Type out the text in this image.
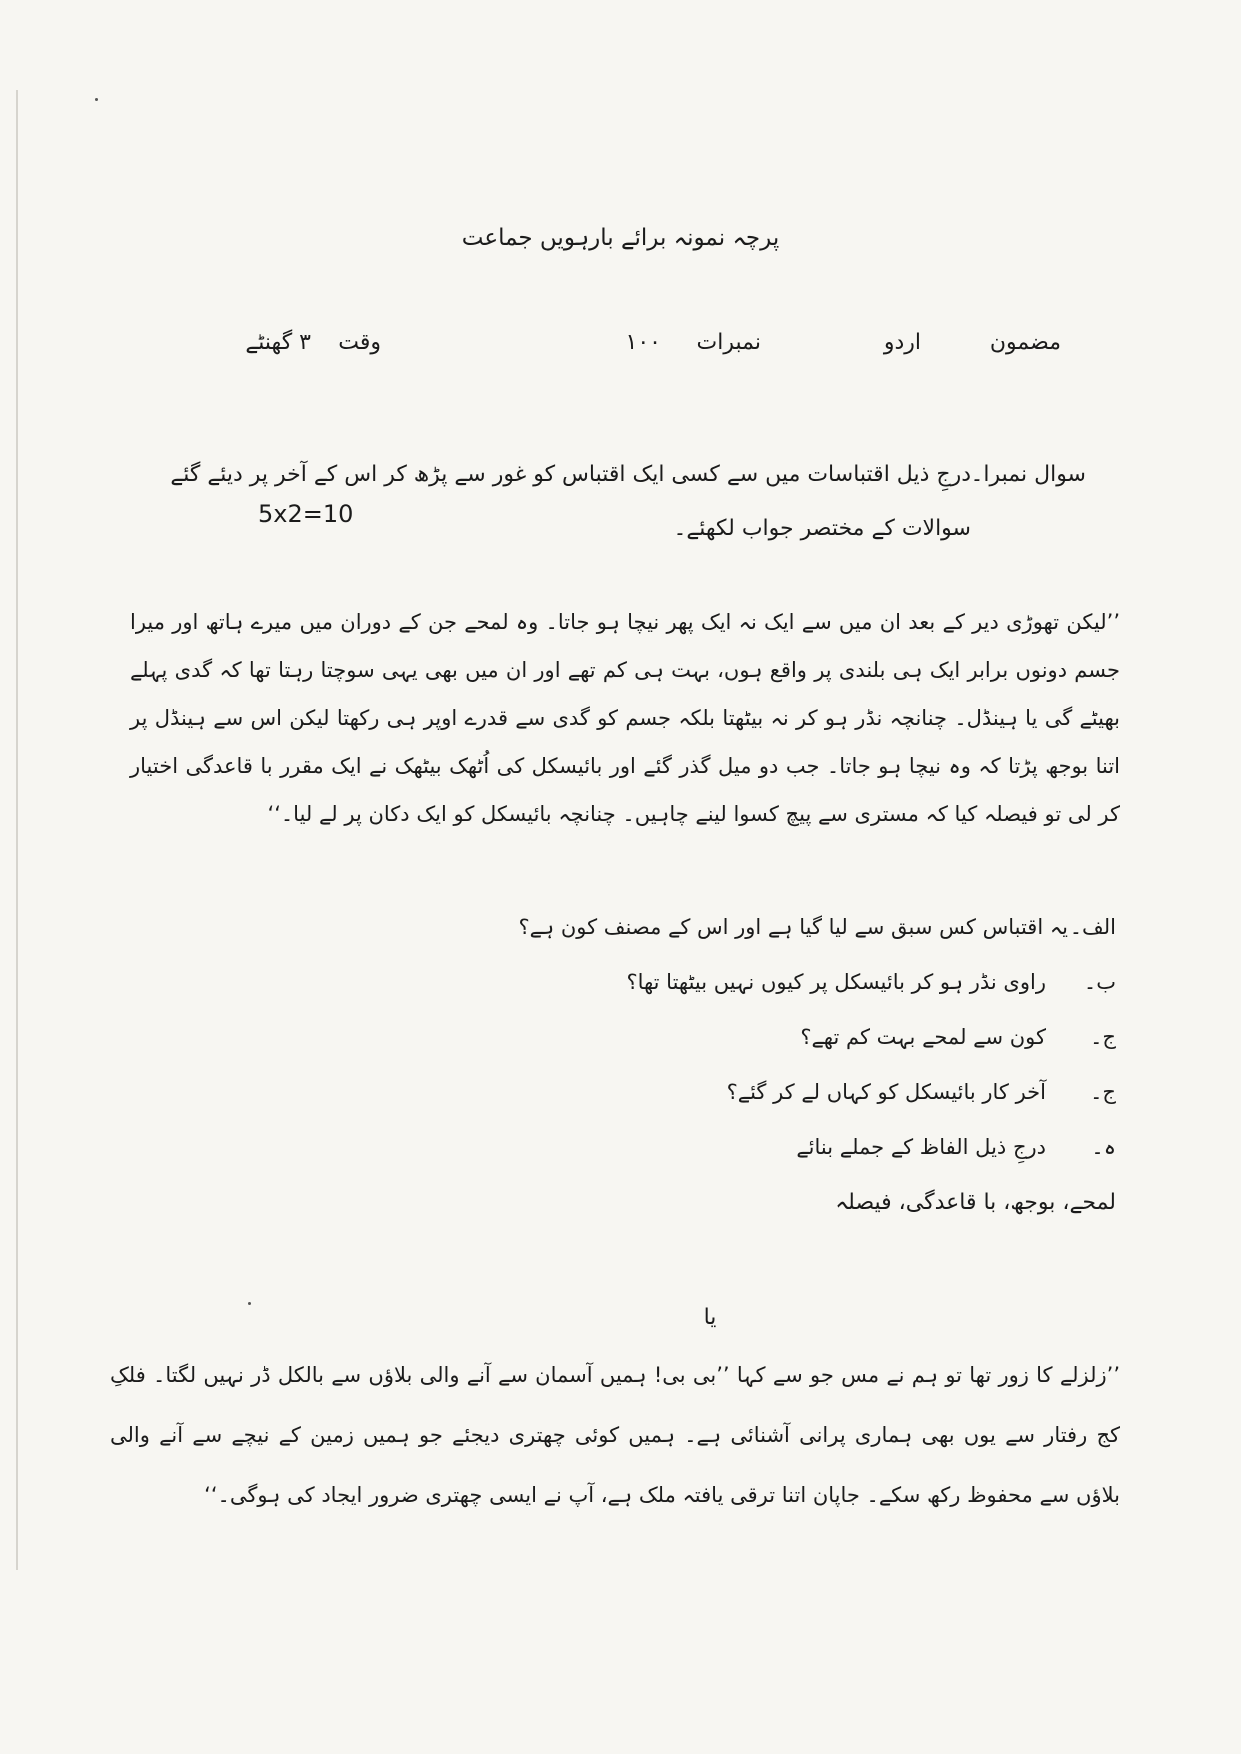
پرچہ نمونہ برائے بارہویں جماعت
مضمون
اردو
نمبرات
۱۰۰
وقت
۳ گھنٹے
سوال نمبرا۔
درجِ ذیل اقتباسات میں سے کسی ایک اقتباس کو غور سے پڑھ کر اس کے آخر پر دیئے گئے سوالات کے مختصر جواب لکھئے۔
5x2=10
’’لیکن تھوڑی دیر کے بعد ان میں سے ایک نہ ایک پھر نیچا ہو جاتا۔ وہ لمحے جن کے دوران میں میرے ہاتھ اور میرا جسم دونوں برابر ایک ہی بلندی پر واقع ہوں، بہت ہی کم تھے اور ان میں بھی یہی سوچتا رہتا تھا کہ گدی پہلے بھیٹے گی یا ہینڈل۔ چنانچہ نڈر ہو کر نہ بیٹھتا بلکہ جسم کو گدی سے قدرے اوپر ہی رکھتا لیکن اس سے ہینڈل پر اتنا بوجھ پڑتا کہ وہ نیچا ہو جاتا۔ جب دو میل گذر گئے اور بائیسکل کی اُٹھک بیٹھک نے ایک مقرر با قاعدگی اختیار کر لی تو فیصلہ کیا کہ مستری سے پیچ کسوا لینے چاہیں۔ چنانچہ بائیسکل کو ایک دکان پر لے لیا۔‘‘
الف۔
یہ اقتباس کس سبق سے لیا گیا ہے اور اس کے مصنف کون ہے؟
ب۔
راوی نڈر ہو کر بائیسکل پر کیوں نہیں بیٹھتا تھا؟
ج۔
کون سے لمحے بہت کم تھے؟
ج۔
آخر کار بائیسکل کو کہاں لے کر گئے؟
ہ۔
درجِ ذیل الفاظ کے جملے بنائے
لمحے، بوجھ، با قاعدگی، فیصلہ
یا
’’زلزلے کا زور تھا تو ہم نے مس جو سے کہا ’’بی بی! ہمیں آسمان سے آنے والی بلاؤں سے بالکل ڈر نہیں لگتا۔ فلکِ کج رفتار سے یوں بھی ہماری پرانی آشنائی ہے۔ ہمیں کوئی چھتری دیجئے جو ہمیں زمین کے نیچے سے آنے والی بلاؤں سے محفوظ رکھ سکے۔ جاپان اتنا ترقی یافتہ ملک ہے، آپ نے ایسی چھتری ضرور ایجاد کی ہوگی۔‘‘
